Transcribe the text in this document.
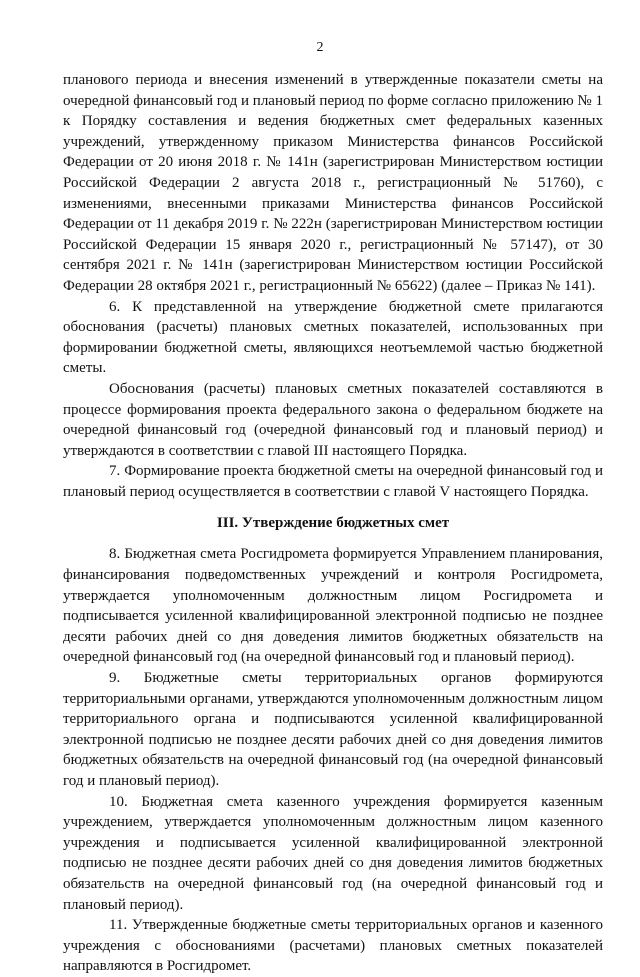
2

планового периода и внесения изменений в утвержденные показатели сметы на очередной финансовый год и плановый период по форме согласно приложению № 1 к Порядку составления и ведения бюджетных смет федеральных казенных учреждений, утвержденному приказом Министерства финансов Российской Федерации от 20 июня 2018 г. № 141н (зарегистрирован Министерством юстиции Российской Федерации 2 августа 2018 г., регистрационный № 51760), с изменениями, внесенными приказами Министерства финансов Российской Федерации от 11 декабря 2019 г. № 222н (зарегистрирован Министерством юстиции Российской Федерации 15 января 2020 г., регистрационный № 57147), от 30 сентября 2021 г. № 141н (зарегистрирован Министерством юстиции Российской Федерации 28 октября 2021 г., регистрационный № 65622) (далее – Приказ № 141).

6. К представленной на утверждение бюджетной смете прилагаются обоснования (расчеты) плановых сметных показателей, использованных при формировании бюджетной сметы, являющихся неотъемлемой частью бюджетной сметы.

Обоснования (расчеты) плановых сметных показателей составляются в процессе формирования проекта федерального закона о федеральном бюджете на очередной финансовый год (очередной финансовый год и плановый период) и утверждаются в соответствии с главой III настоящего Порядка.

7. Формирование проекта бюджетной сметы на очередной финансовый год и плановый период осуществляется в соответствии с главой V настоящего Порядка.

III. Утверждение бюджетных смет

8. Бюджетная смета Росгидромета формируется Управлением планирования, финансирования подведомственных учреждений и контроля Росгидромета, утверждается уполномоченным должностным лицом Росгидромета и подписывается усиленной квалифицированной электронной подписью не позднее десяти рабочих дней со дня доведения лимитов бюджетных обязательств на очередной финансовый год (на очередной финансовый год и плановый период).

9. Бюджетные сметы территориальных органов формируются территориальными органами, утверждаются уполномоченным должностным лицом территориального органа и подписываются усиленной квалифицированной электронной подписью не позднее десяти рабочих дней со дня доведения лимитов бюджетных обязательств на очередной финансовый год (на очередной финансовый год и плановый период).

10. Бюджетная смета казенного учреждения формируется казенным учреждением, утверждается уполномоченным должностным лицом казенного учреждения и подписывается усиленной квалифицированной электронной подписью не позднее десяти рабочих дней со дня доведения лимитов бюджетных обязательств на очередной финансовый год (на очередной финансовый год и плановый период).

11. Утвержденные бюджетные сметы территориальных органов и казенного учреждения с обоснованиями (расчетами) плановых сметных показателей направляются в Росгидромет.
